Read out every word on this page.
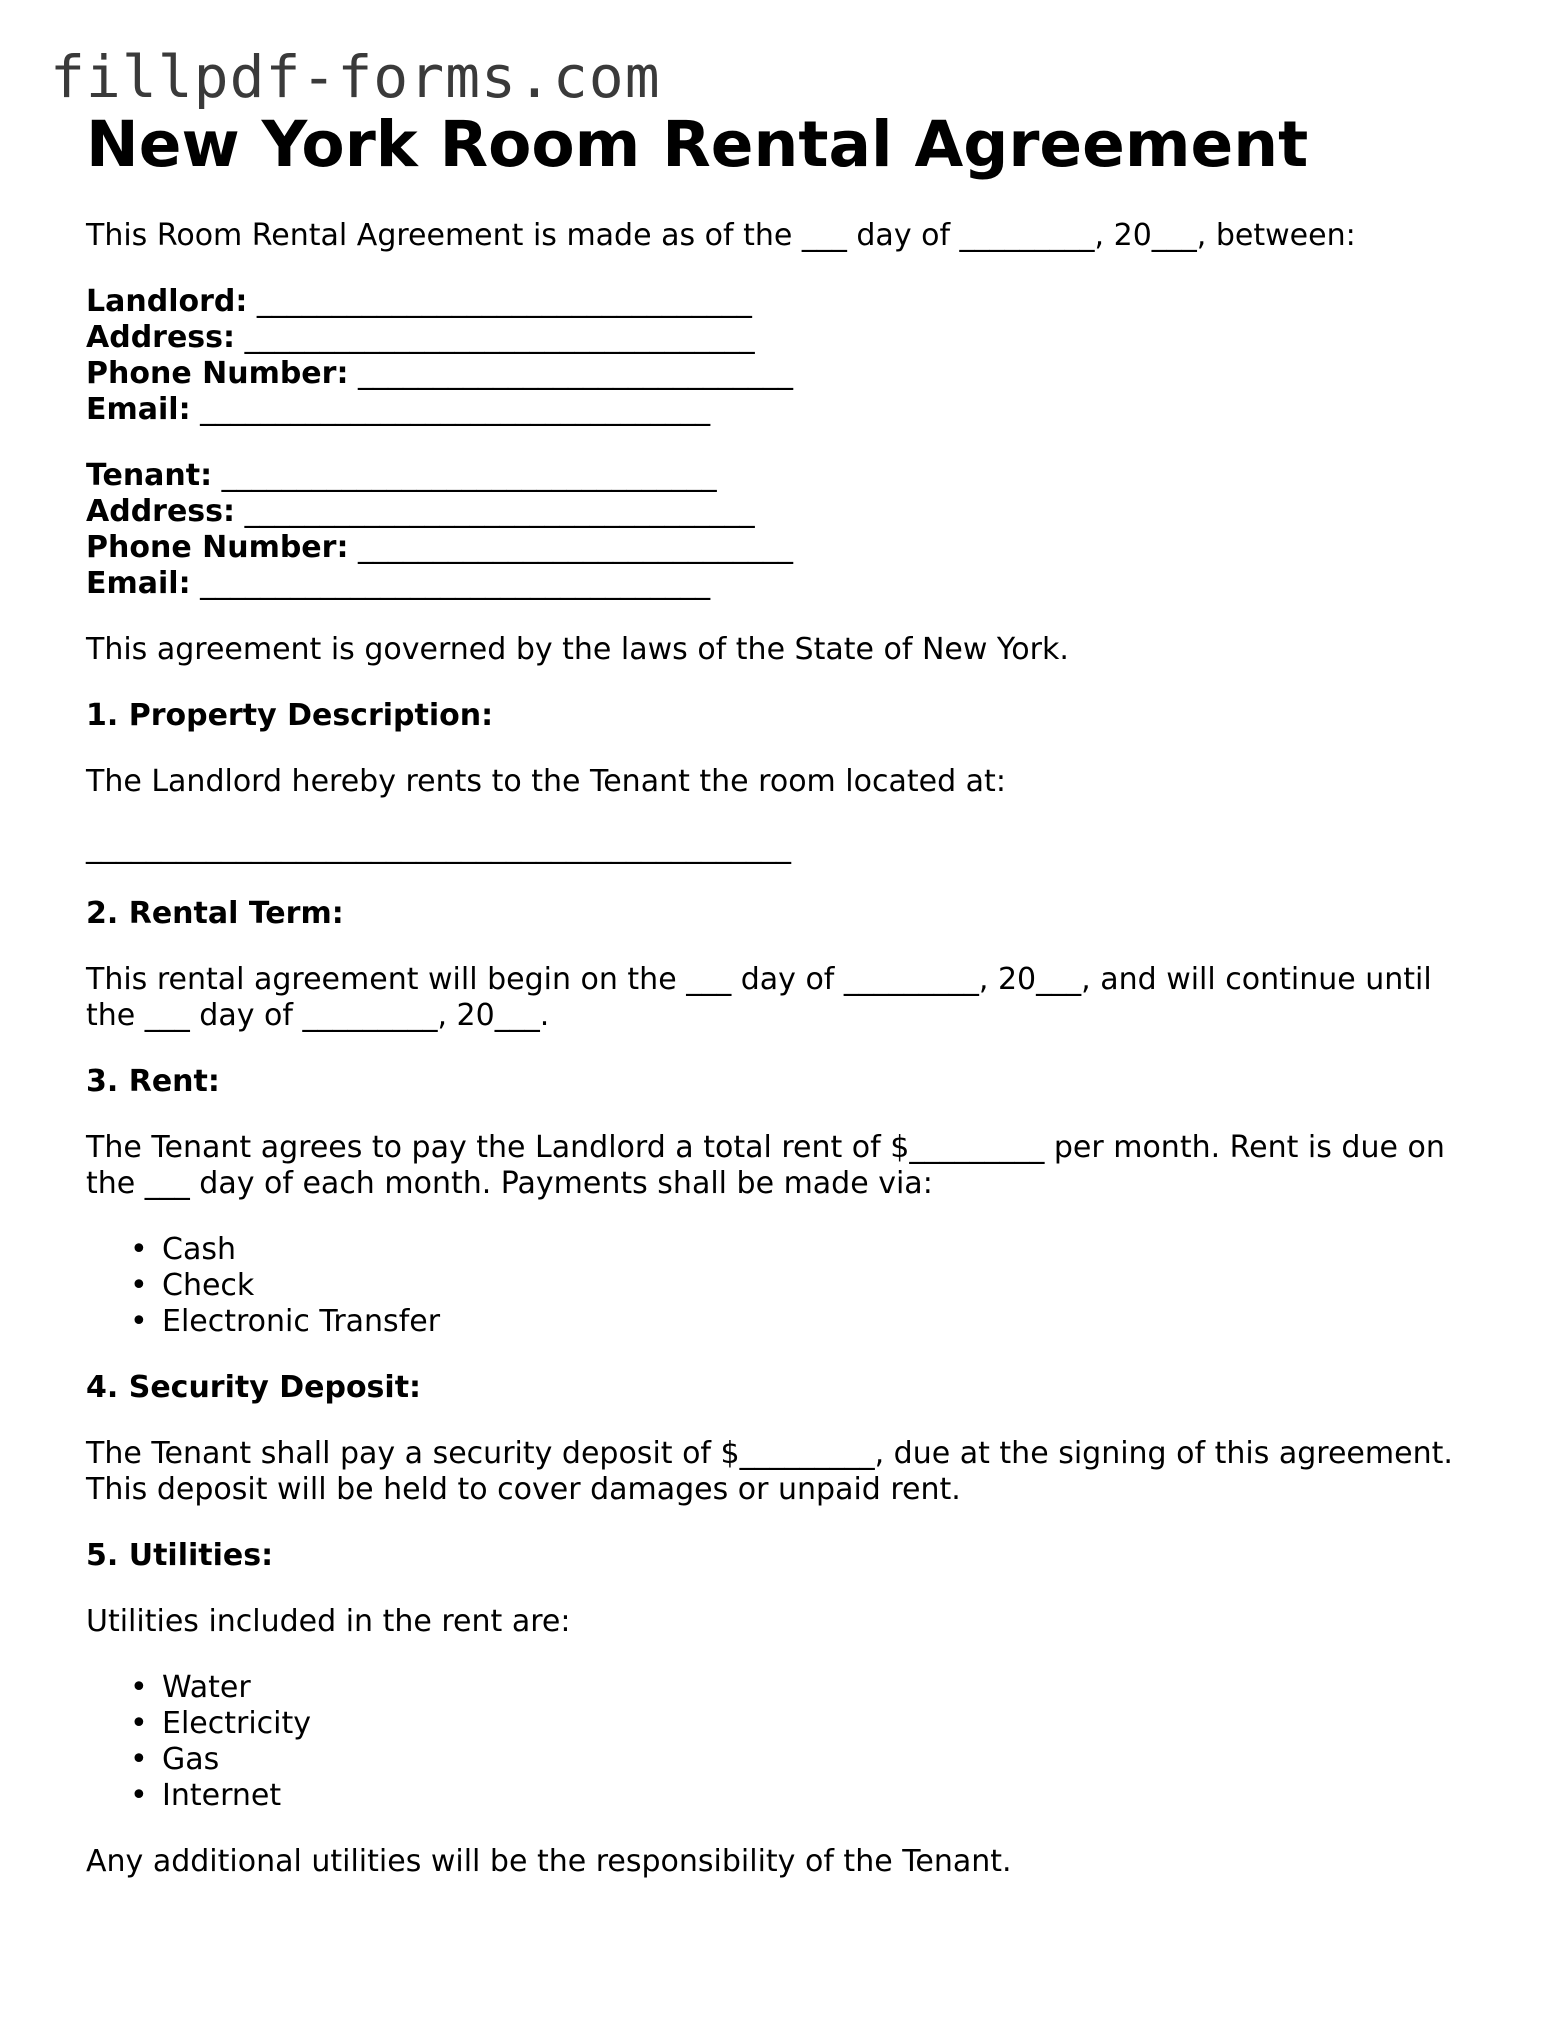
fillpdf-forms.com
New York Room Rental Agreement

This Room Rental Agreement is made as of the ___ day of _________, 20___, between:

Landlord: _________________________________
Address: __________________________________
Phone Number: _____________________________
Email: __________________________________
Tenant: _________________________________
Address: __________________________________
Phone Number: _____________________________
Email: __________________________________

This agreement is governed by the laws of the State of New York.

1. Property Description:

The Landlord hereby rents to the Tenant the room located at:

_______________________________________________

2. Rental Term:

This rental agreement will begin on the ___ day of _________, 20___, and will continue until the ___ day of _________, 20___.

3. Rent:

The Tenant agrees to pay the Landlord a total rent of $_________ per month. Rent is due on the ___ day of each month. Payments shall be made via:

• Cash
• Check
• Electronic Transfer
4. Security Deposit:

The Tenant shall pay a security deposit of $_________, due at the signing of this agreement. This deposit will be held to cover damages or unpaid rent.

5. Utilities:

Utilities included in the rent are:

• Water
• Electricity
• Gas
• Internet

Any additional utilities will be the responsibility of the Tenant.
